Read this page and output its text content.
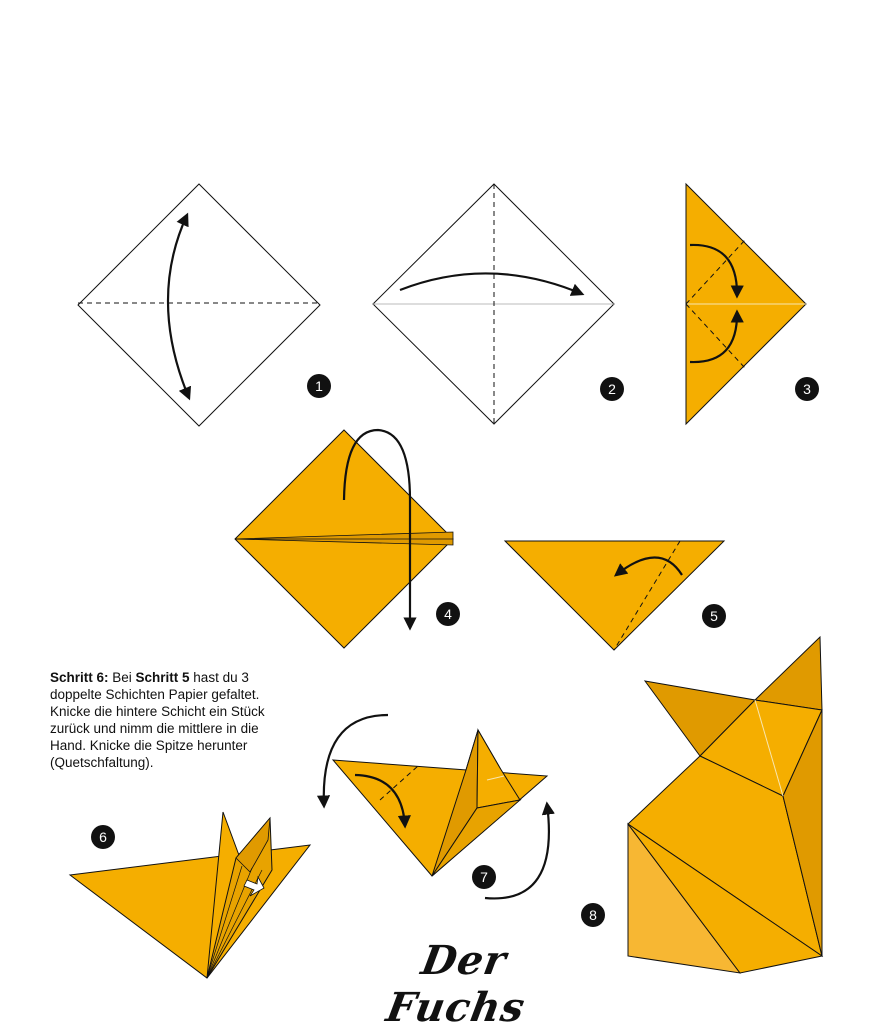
1	2	3
4	5
6
7
8
Schritt 6: Bei Schritt 5 hast du 3 doppelte Schichten Papier gefaltet. Knicke die hintere Schicht ein Stück zurück und nimm die mittlere in die Hand. Knicke die Spitze herunter (Quetschfaltung).
Der Fuchs
